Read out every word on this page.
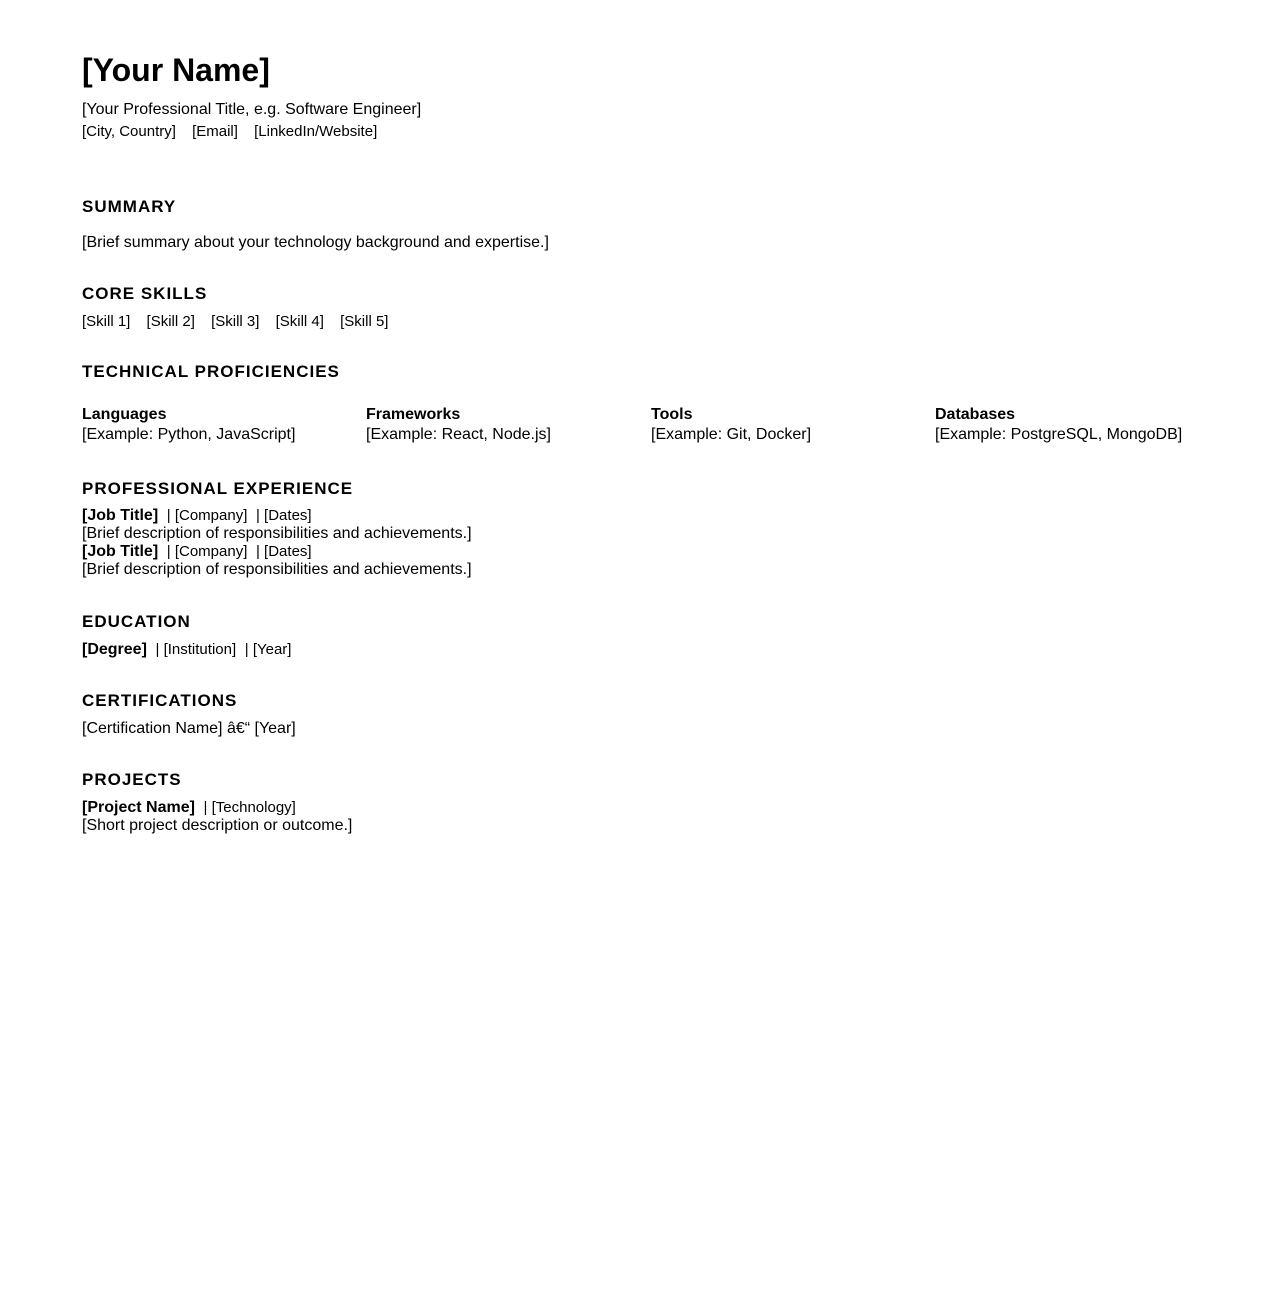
[Your Name]
[Your Professional Title, e.g. Software Engineer]
[City, Country] [Email] [LinkedIn/Website]
SUMMARY
[Brief summary about your technology background and expertise.]
CORE SKILLS
[Skill 1] [Skill 2] [Skill 3] [Skill 4] [Skill 5]
TECHNICAL PROFICIENCIES
Languages
[Example: Python, JavaScript]
Frameworks
[Example: React, Node.js]
Tools
[Example: Git, Docker]
Databases
[Example: PostgreSQL, MongoDB]
PROFESSIONAL EXPERIENCE
[Job Title]  | [Company]  | [Dates]
[Brief description of responsibilities and achievements.]
[Job Title]  | [Company]  | [Dates]
[Brief description of responsibilities and achievements.]
EDUCATION
[Degree]  | [Institution]  | [Year]
CERTIFICATIONS
[Certification Name] â€“ [Year]
PROJECTS
[Project Name]  | [Technology]
[Short project description or outcome.]
